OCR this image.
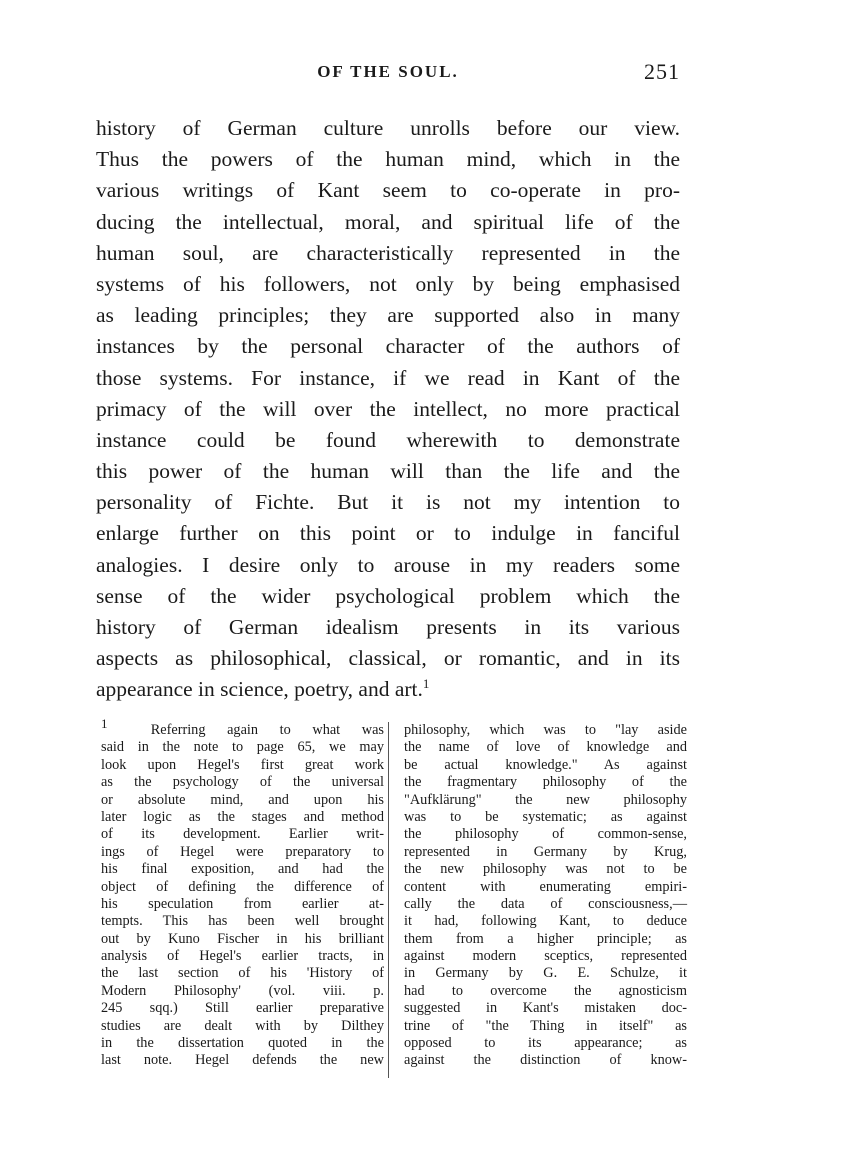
OF THE SOUL.	251
history of German culture unrolls before our view.
Thus the powers of the human mind, which in the
various writings of Kant seem to co-operate in pro-
ducing the intellectual, moral, and spiritual life of the
human soul, are characteristically represented in the
systems of his followers, not only by being emphasised
as leading principles; they are supported also in many
instances by the personal character of the authors of
those systems. For instance, if we read in Kant of the
primacy of the will over the intellect, no more practical
instance could be found wherewith to demonstrate
this power of the human will than the life and the
personality of Fichte. But it is not my intention to
enlarge further on this point or to indulge in fanciful
analogies. I desire only to arouse in my readers some
sense of the wider psychological problem which the
history of German idealism presents in its various
aspects as philosophical, classical, or romantic, and in its
appearance in science, poetry, and art.$^1$
$^1$	Referring again to what was
said in the note to page 65, we may
look upon Hegel's first great work
as the psychology of the universal
or absolute mind, and upon his
later logic as the stages and method
of its development. Earlier writ-
ings of Hegel were preparatory to
his final exposition, and had the
object of defining the difference of
his speculation from earlier at-
tempts. This has been well brought
out by Kuno Fischer in his brilliant
analysis of Hegel's earlier tracts, in
the last section of his 'History of
Modern Philosophy' (vol. viii. p.
245 sqq.) Still earlier preparative
studies are dealt with by Dilthey
in the dissertation quoted in the
last note. Hegel defends the new
philosophy, which was to "lay aside
the name of love of knowledge and
be actual knowledge." As against
the fragmentary philosophy of the
"Aufklärung" the new philosophy
was to be systematic; as against
the philosophy of common-sense,
represented in Germany by Krug,
the new philosophy was not to be
content with enumerating empiri-
cally the data of consciousness,—
it had, following Kant, to deduce
them from a higher principle; as
against modern sceptics, represented
in Germany by G. E. Schulze, it
had to overcome the agnosticism
suggested in Kant's mistaken doc-
trine of "the Thing in itself" as
opposed to its appearance; as
against the distinction of know-
